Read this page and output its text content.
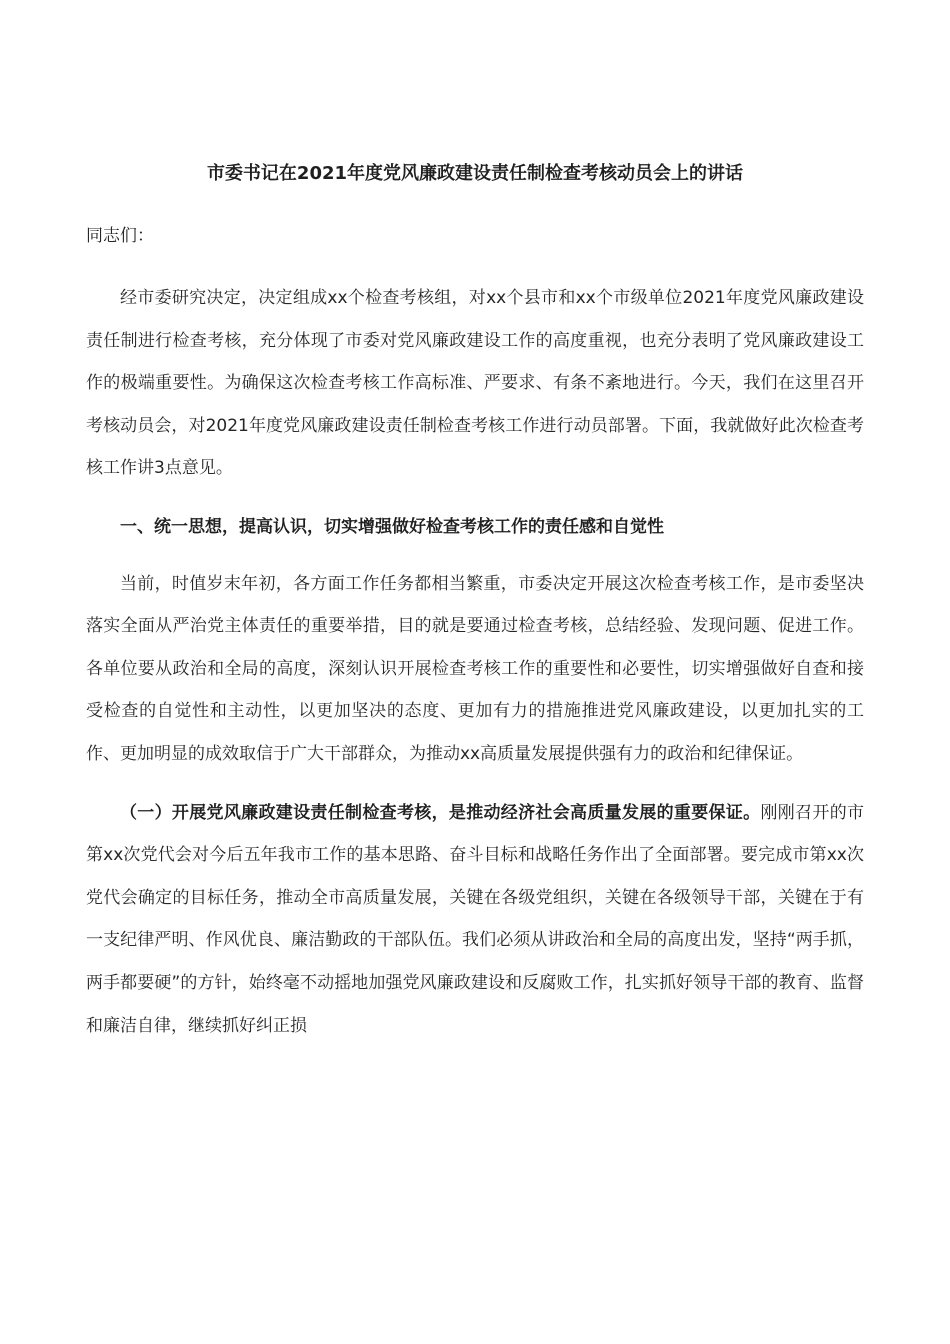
市委书记在2021年度党风廉政建设责任制检查考核动员会上的讲话

同志们：

经市委研究决定，决定组成xx个检查考核组，对xx个县市和xx个市级单位2021年度党风廉政建设责任制进行检查考核，充分体现了市委对党风廉政建设工作的高度重视，也充分表明了党风廉政建设工作的极端重要性。为确保这次检查考核工作高标准、严要求、有条不紊地进行。今天，我们在这里召开考核动员会，对2021年度党风廉政建设责任制检查考核工作进行动员部署。下面，我就做好此次检查考核工作讲3点意见。

一、统一思想，提高认识，切实增强做好检查考核工作的责任感和自觉性

当前，时值岁末年初，各方面工作任务都相当繁重，市委决定开展这次检查考核工作，是市委坚决落实全面从严治党主体责任的重要举措，目的就是要通过检查考核，总结经验、发现问题、促进工作。各单位要从政治和全局的高度，深刻认识开展检查考核工作的重要性和必要性，切实增强做好自查和接受检查的自觉性和主动性，以更加坚决的态度、更加有力的措施推进党风廉政建设，以更加扎实的工作、更加明显的成效取信于广大干部群众，为推动xx高质量发展提供强有力的政治和纪律保证。

（一）开展党风廉政建设责任制检查考核，是推动经济社会高质量发展的重要保证。刚刚召开的市第xx次党代会对今后五年我市工作的基本思路、奋斗目标和战略任务作出了全面部署。要完成市第xx次党代会确定的目标任务，推动全市高质量发展，关键在各级党组织，关键在各级领导干部，关键在于有一支纪律严明、作风优良、廉洁勤政的干部队伍。我们必须从讲政治和全局的高度出发，坚持“两手抓，两手都要硬”的方针，始终毫不动摇地加强党风廉政建设和反腐败工作，扎实抓好领导干部的教育、监督和廉洁自律，继续抓好纠正损
